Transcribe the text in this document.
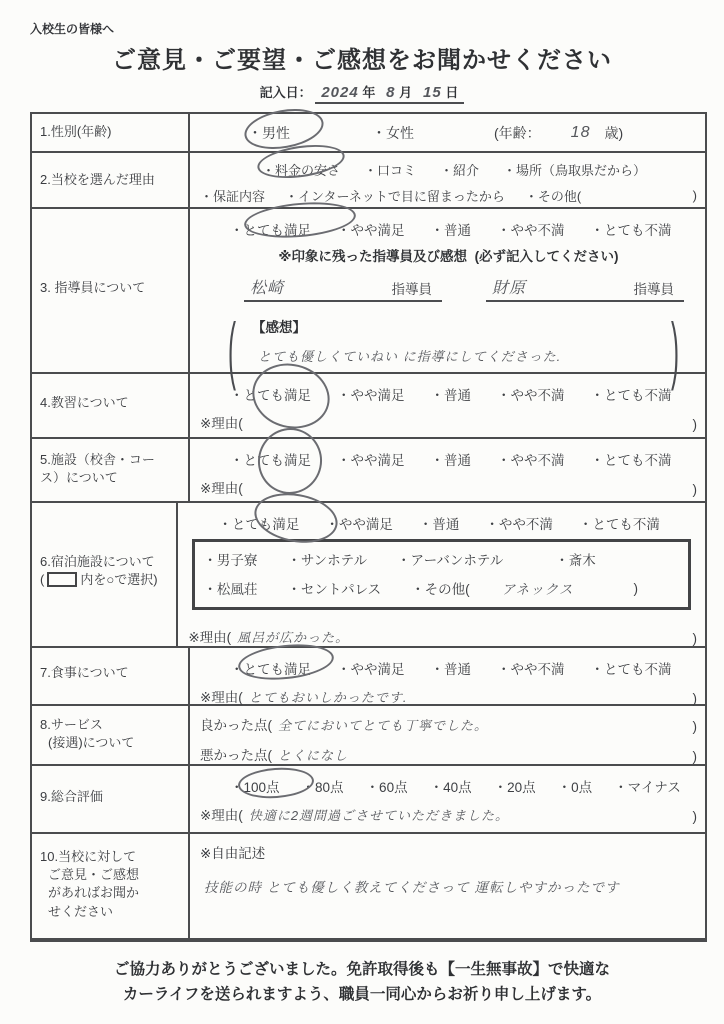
入校生の皆様へ
ご意見・ご要望・ご感想をお聞かせください
記入日： 2024 年 8 月 15 日
1.性別(年齢)	・男性	・女性	(年齢： 18 歳)
2.当校を選んだ理由
・料金の安さ ・口コミ ・紹介 ・場所（鳥取県だから）
・保証内容 ・インターネットで目に留まったから ・その他(	)
3. 指導員について
・とても満足 ・やや満足 ・普通 ・やや不満 ・とても不満
※印象に残った指導員及び感想 (必ず記入してください)
松崎	指導員	財原	指導員
(	)
【感想】
とても優しくていねい に指導にしてくださった.
4.教習について	・とても満足 ・やや満足 ・普通 ・やや不満 ・とても不満
※理由(	)
5.施設（校舎・コー
ス）について
・とても満足 ・やや満足 ・普通 ・やや不満 ・とても不満
※理由(	)
6.宿泊施設について
(	内を○で選択)
・とても満足 ・やや満足 ・普通 ・やや不満 ・とても不満
・男子寮 ・サンホテル ・アーバンホテル	・斎木
・松風荘 ・セントパレス ・その他( アネックス	)
※理由( 風呂が広かった。	)
7.食事について	・とても満足 ・やや満足 ・普通 ・やや不満 ・とても不満
※理由( とてもおいしかったです.	)
8.サービス
(接遇)について
良かった点( 全てにおいてとても丁寧でした。	)
悪かった点( とくになし	)
9.総合評価
・100点 ・80点 ・60点 ・40点 ・20点 ・0点 ・マイナス
※理由( 快適に2週間過ごさせていただきました。	)
10.当校に対して
ご意見・ご感想
があればお聞か
せください
※自由記述
技能の時 とても優しく教えてくださって 運転しやすかったです
ご協力ありがとうございました。免許取得後も【一生無事故】で快適な
カーライフを送られますよう、職員一同心からお祈り申し上げます。
